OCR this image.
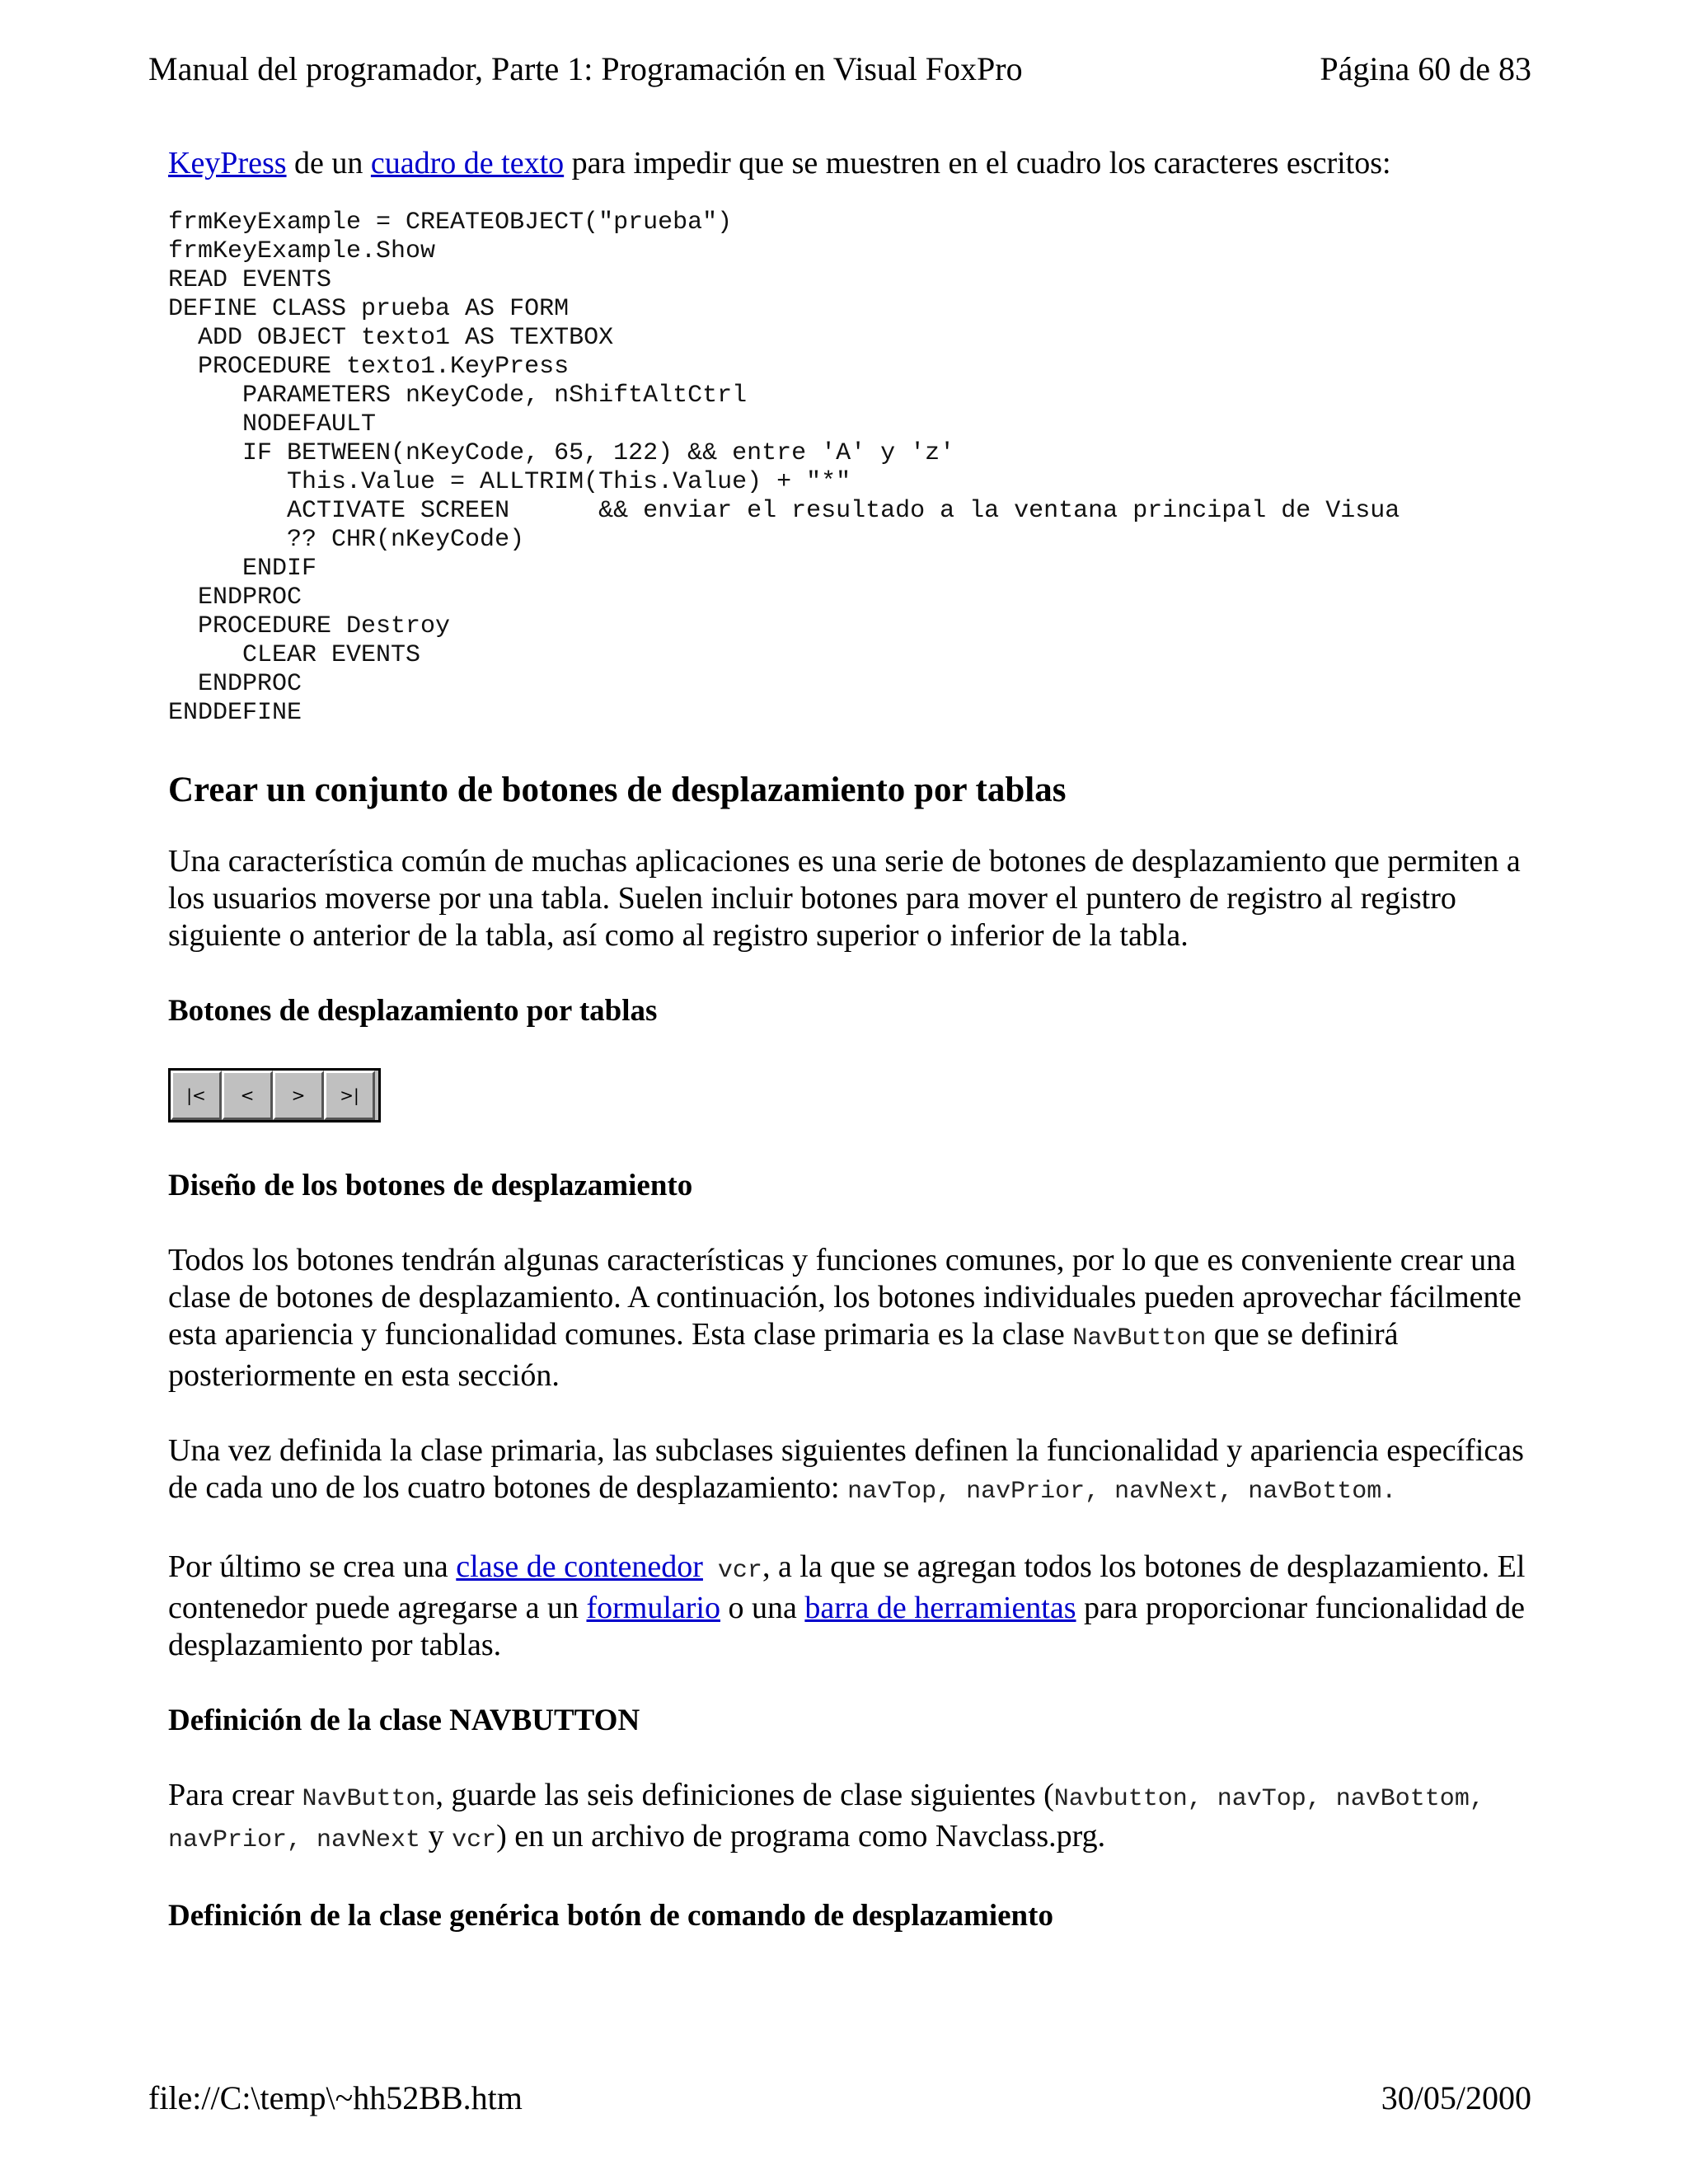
Manual del programador, Parte 1: Programación en Visual FoxPro	Página 60 de 83

KeyPress de un cuadro de texto para impedir que se muestren en el cuadro los caracteres escritos:

frmKeyExample = CREATEOBJECT("prueba")
frmKeyExample.Show
READ EVENTS
DEFINE CLASS prueba AS FORM
ADD OBJECT texto1 AS TEXTBOX
PROCEDURE texto1.KeyPress
PARAMETERS nKeyCode, nShiftAltCtrl
NODEFAULT
IF BETWEEN(nKeyCode, 65, 122) && entre 'A' y 'z'
This.Value = ALLTRIM(This.Value) + "*"
ACTIVATE SCREEN      && enviar el resultado a la ventana principal de Visua
?? CHR(nKeyCode)
ENDIF
ENDPROC
PROCEDURE Destroy
CLEAR EVENTS
ENDPROC
ENDDEFINE
Crear un conjunto de botones de desplazamiento por tablas

Una característica común de muchas aplicaciones es una serie de botones de desplazamiento que permiten a los usuarios moverse por una tabla. Suelen incluir botones para mover el puntero de registro al registro siguiente o anterior de la tabla, así como al registro superior o inferior de la tabla.

Botones de desplazamiento por tablas
|<	<	>	>|
Diseño de los botones de desplazamiento

Todos los botones tendrán algunas características y funciones comunes, por lo que es conveniente crear una clase de botones de desplazamiento. A continuación, los botones individuales pueden aprovechar fácilmente esta apariencia y funcionalidad comunes. Esta clase primaria es la clase NavButton que se definirá posteriormente en esta sección.

Una vez definida la clase primaria, las subclases siguientes definen la funcionalidad y apariencia específicas de cada uno de los cuatro botones de desplazamiento: navTop, navPrior, navNext, navBottom.

Por último se crea una clase de contenedor vcr, a la que se agregan todos los botones de desplazamiento. El contenedor puede agregarse a un formulario o una barra de herramientas para proporcionar funcionalidad de desplazamiento por tablas.

Definición de la clase NAVBUTTON

Para crear NavButton, guarde las seis definiciones de clase siguientes (Navbutton, navTop, navBottom, navPrior, navNext y vcr) en un archivo de programa como Navclass.prg.

Definición de la clase genérica botón de comando de desplazamiento
file://C:\temp\~hh52BB.htm	30/05/2000
